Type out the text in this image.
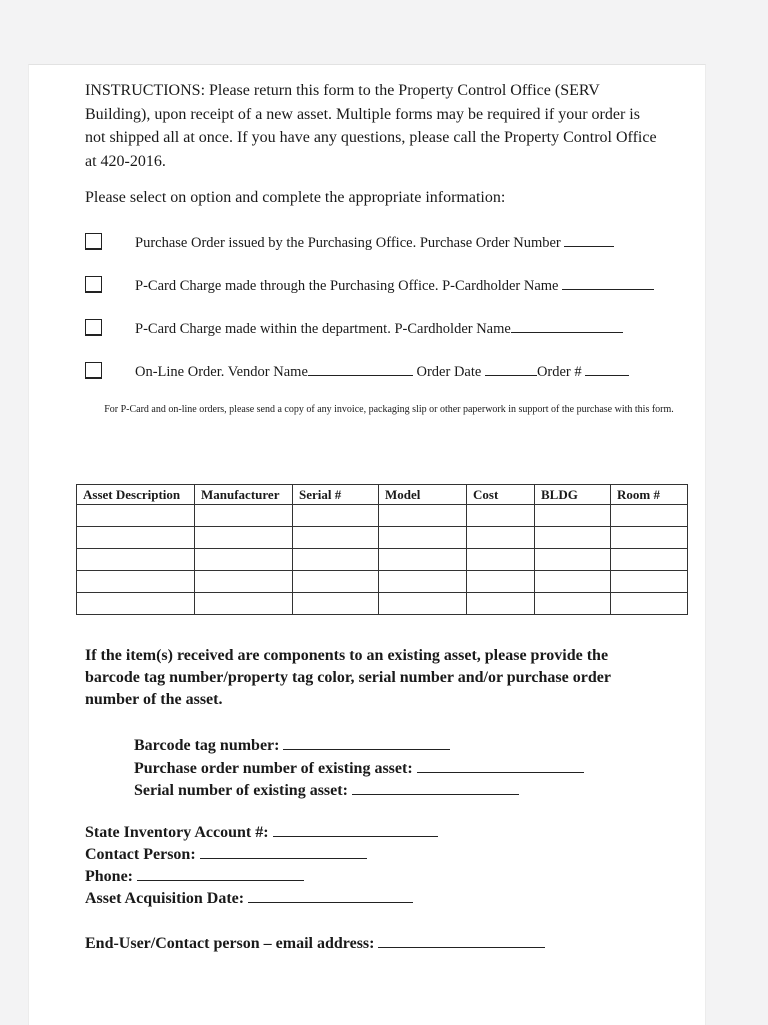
INSTRUCTIONS: Please return this form to the Property Control Office (SERV
Building), upon receipt of a new asset. Multiple forms may be required if your order is
not shipped all at once. If you have any questions, please call the Property Control Office
at 420-2016.
Please select on option and complete the appropriate information:
Purchase Order issued by the Purchasing Office. Purchase Order Number
P-Card Charge made through the Purchasing Office. P-Cardholder Name
P-Card Charge made within the department. P-Cardholder Name
On-Line Order. Vendor Name	Order Date	Order #
For P-Card and on-line orders, please send a copy of any invoice, packaging slip or other paperwork in support of the purchase with this form.
Asset Description	Manufacturer	Serial #	Model	Cost	BLDG	Room #

If the item(s) received are components to an existing asset, please provide the
barcode tag number/property tag color, serial number and/or purchase order
number of the asset.
Barcode tag number:
Purchase order number of existing asset:
Serial number of existing asset:
State Inventory Account #:
Contact Person:
Phone:
Asset Acquisition Date:
End-User/Contact person – email address:
